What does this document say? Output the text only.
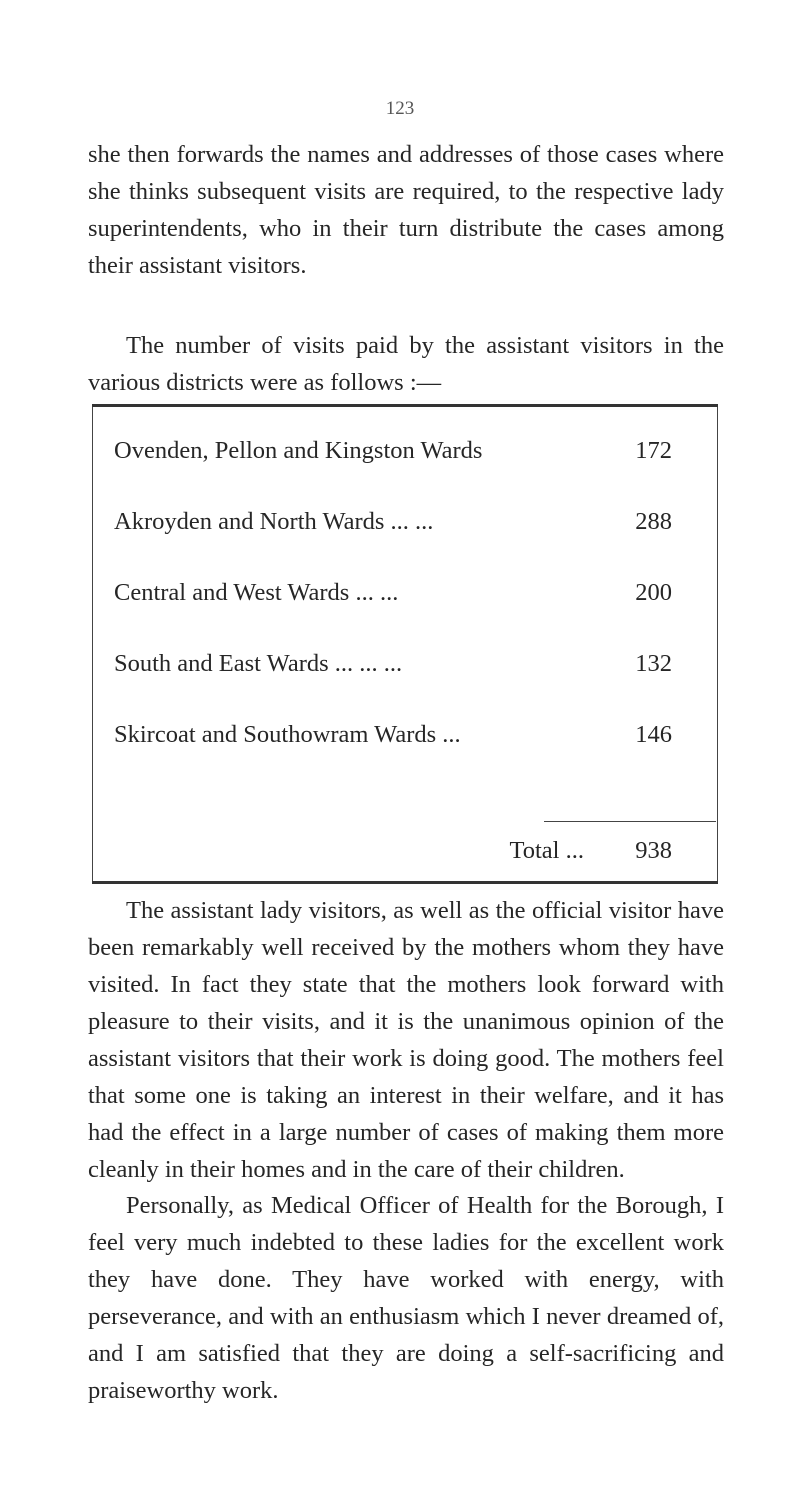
123

she then forwards the names and addresses of those cases where she thinks subsequent visits are required, to the respective lady superintendents, who in their turn distribute the cases among their assistant visitors.

The number of visits paid by the assistant visitors in the various districts were as follows :—

Ovenden, Pellon and Kingston Wards	172
Akroyden and North Wards ... ...	288
Central and West Wards ... ...	200
South and East Wards ... ... ...	132
Skircoat and Southowram Wards ...	146
Total ...	938

The assistant lady visitors, as well as the official visitor have been remarkably well received by the mothers whom they have visited. In fact they state that the mothers look forward with pleasure to their visits, and it is the unanimous opinion of the assistant visitors that their work is doing good. The mothers feel that some one is taking an interest in their welfare, and it has had the effect in a large number of cases of making them more cleanly in their homes and in the care of their children.

Personally, as Medical Officer of Health for the Borough, I feel very much indebted to these ladies for the excellent work they have done. They have worked with energy, with perseverance, and with an enthusiasm which I never dreamed of, and I am satisfied that they are doing a self-sacrificing and praiseworthy work.
